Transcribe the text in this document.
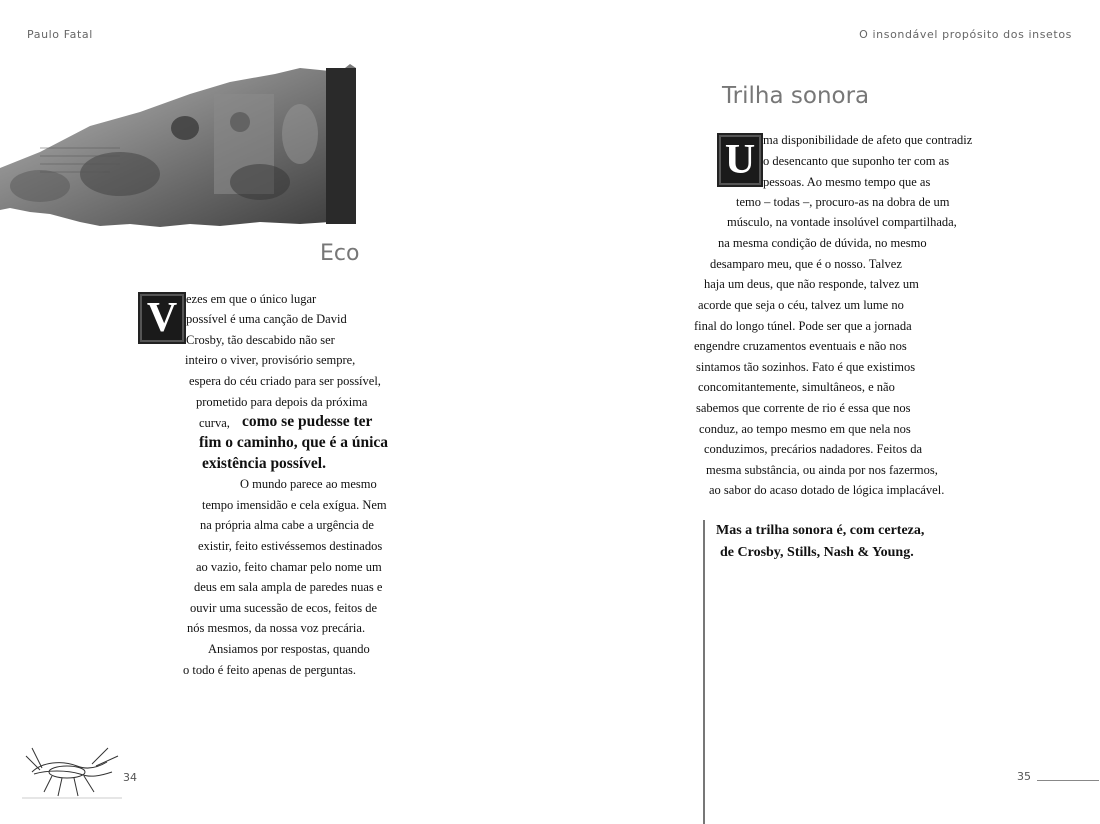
Paulo Fatal
Eco
V ezes em que o único lugar
possível é uma canção de David
Crosby, tão descabido não ser
inteiro o viver, provisório sempre,
espera do céu criado para ser possível,
prometido para depois da próxima
curva, como se pudesse ter
fim o caminho, que é a única
existência possível.
O mundo parece ao mesmo
tempo imensidão e cela exígua. Nem
na própria alma cabe a urgência de
existir, feito estivéssemos destinados
ao vazio, feito chamar pelo nome um
deus em sala ampla de paredes nuas e
ouvir uma sucessão de ecos, feitos de
nós mesmos, da nossa voz precária.
Ansiamos por respostas, quando
o todo é feito apenas de perguntas.
34
O insondável propósito dos insetos
Trilha sonora
U ma disponibilidade de afeto que contradiz
o desencanto que suponho ter com as
pessoas. Ao mesmo tempo que as
temo – todas –, procuro-as na dobra de um
músculo, na vontade insolúvel compartilhada,
na mesma condição de dúvida, no mesmo
desamparo meu, que é o nosso. Talvez
haja um deus, que não responde, talvez um
acorde que seja o céu, talvez um lume no
final do longo túnel. Pode ser que a jornada
engendre cruzamentos eventuais e não nos
sintamos tão sozinhos. Fato é que existimos
concomitantemente, simultâneos, e não
sabemos que corrente de rio é essa que nos
conduz, ao tempo mesmo em que nela nos
conduzimos, precários nadadores. Feitos da
mesma substância, ou ainda por nos fazermos,
ao sabor do acaso dotado de lógica implacável.
Mas a trilha sonora é, com certeza,
de Crosby, Stills, Nash & Young.
35
